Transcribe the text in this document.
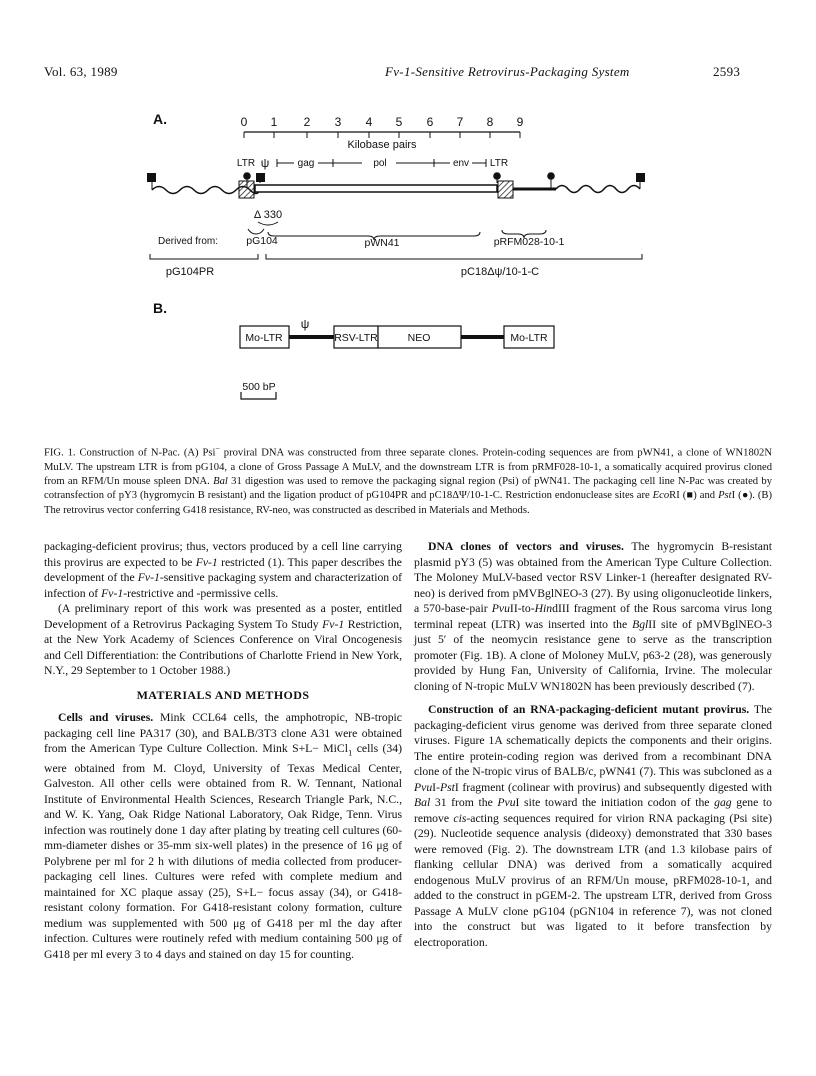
Vol. 63, 1989	Fv-1-Sensitive Retrovirus-Packaging System	2593
A.	0 1 2 3 4 5 6 7 8 9
Kilobase pairs
LTR ψ	gag	pol	env LTR
Δ 330
Derived from:	pG104	pWN41	pRFM028-10-1
pG104PR	pC18Δψ/10-1-C
B.
ψ
Mo-LTR	RSV-LTR	NEO	Mo-LTR
500 bP
FIG. 1. Construction of N-Pac. (A) Psi− proviral DNA was constructed from three separate clones. Protein-coding sequences are from pWN41, a clone of WN1802N MuLV. The upstream LTR is from pG104, a clone of Gross Passage A MuLV, and the downstream LTR is from pRMF028-10-1, a somatically acquired provirus cloned from an RFM/Un mouse spleen DNA. Bal 31 digestion was used to remove the packaging signal region (Psi) of pWN41. The packaging cell line N-Pac was created by cotransfection of pY3 (hygromycin B resistant) and the ligation product of pG104PR and pC18ΔΨ/10-1-C. Restriction endonuclease sites are EcoRI (■) and PstI (●). (B) The retrovirus vector conferring G418 resistance, RV-neo, was constructed as described in Materials and Methods.

packaging-deficient provirus; thus, vectors produced by a cell line carrying this provirus are expected to be Fv-1 restricted (1). This paper describes the development of the Fv-1-sensitive packaging system and characterization of infection of Fv-1-restrictive and -permissive cells.

(A preliminary report of this work was presented as a poster, entitled Development of a Retrovirus Packaging System To Study Fv-1 Restriction, at the New York Academy of Sciences Conference on Viral Oncogenesis and Cell Differentiation: the Contributions of Charlotte Friend in New York, N.Y., 29 September to 1 October 1988.)

MATERIALS AND METHODS

Cells and viruses. Mink CCL64 cells, the amphotropic, NB-tropic packaging cell line PA317 (30), and BALB/3T3 clone A31 were obtained from the American Type Culture Collection. Mink S+L− MiCl$_1$ cells (34) were obtained from M. Cloyd, University of Texas Medical Center, Galveston. All other cells were obtained from R. W. Tennant, National Institute of Environmental Health Sciences, Research Triangle Park, N.C., and W. K. Yang, Oak Ridge National Laboratory, Oak Ridge, Tenn. Virus infection was routinely done 1 day after plating by treating cell cultures (60-mm-diameter dishes or 35-mm six-well plates) in the presence of 16 μg of Polybrene per ml for 2 h with dilutions of media collected from producer-packaging cell lines. Cultures were refed with complete medium and maintained for XC plaque assay (25), S+L− focus assay (34), or G418-resistant colony formation. For G418-resistant colony formation, culture medium was supplemented with 500 μg of G418 per ml the day after infection. Cultures were routinely refed with medium containing 500 μg of G418 per ml every 3 to 4 days and stained on day 15 for counting.

DNA clones of vectors and viruses. The hygromycin B-resistant plasmid pY3 (5) was obtained from the American Type Culture Collection. The Moloney MuLV-based vector RSV Linker-1 (hereafter designated RV-neo) is derived from pMVBglNEO-3 (27). By using oligonucleotide linkers, a 570-base-pair PvuII-to-HindIII fragment of the Rous sarcoma virus long terminal repeat (LTR) was inserted into the BglII site of pMVBglNEO-3 just 5′ of the neomycin resistance gene to serve as the transcription promoter (Fig. 1B). A clone of Moloney MuLV, p63-2 (28), was generously provided by Hung Fan, University of California, Irvine. The molecular cloning of N-tropic MuLV WN1802N has been previously described (7).

Construction of an RNA-packaging-deficient mutant provirus. The packaging-deficient virus genome was derived from three separate cloned viruses. Figure 1A schematically depicts the components and their origins. The entire protein-coding region was derived from a recombinant DNA clone of the N-tropic virus of BALB/c, pWN41 (7). This was subcloned as a PvuI-PstI fragment (colinear with provirus) and subsequently digested with Bal 31 from the PvuI site toward the initiation codon of the gag gene to remove cis-acting sequences required for virion RNA packaging (Psi site) (29). Nucleotide sequence analysis (dideoxy) demonstrated that 330 bases were removed (Fig. 2). The downstream LTR (and 1.3 kilobase pairs of flanking cellular DNA) was derived from a somatically acquired endogenous MuLV provirus of an RFM/Un mouse, pRFM028-10-1, and added to the construct in pGEM-2. The upstream LTR, derived from Gross Passage A MuLV clone pG104 (pGN104 in reference 7), was not cloned into the construct but was ligated to it before transfection by electroporation.
